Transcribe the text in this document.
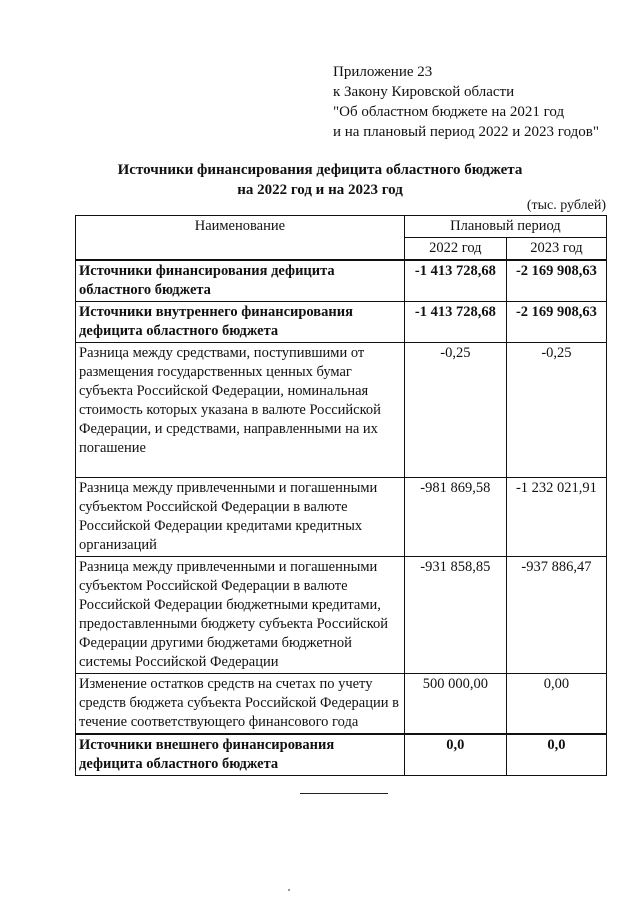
Приложение 23
к Закону Кировской области
"Об областном бюджете на 2021 год
и на плановый период 2022 и 2023 годов"
Источники финансирования дефицита областного бюджета
на 2022 год и на 2023 год
(тыс. рублей)
Наименование	Плановый период	
	2022 год	2023 год
Источники финансирования дефицита областного бюджета	-1 413 728,68	-2 169 908,63
Источники внутреннего финансирования дефицита областного бюджета	-1 413 728,68	-2 169 908,63
Разница между средствами, поступившими от размещения государственных ценных бумаг субъекта Российской Федерации, номинальная стоимость которых указана в валюте Российской Федерации, и средствами, направленными на их погашение	-0,25	-0,25
Разница между привлеченными и погашенными субъектом Российской Федерации в валюте Российской Федерации кредитами кредитных организаций	-981 869,58	-1 232 021,91
Разница между привлеченными и погашенными субъектом Российской Федерации в валюте Российской Федерации бюджетными кредитами, предоставленными бюджету субъекта Российской Федерации другими бюджетами бюджетной системы Российской Федерации	-931 858,85	-937 886,47
Изменение остатков средств на счетах по учету средств бюджета субъекта Российской Федерации в течение соответствующего финансового года	500 000,00	0,00
Источники внешнего финансирования дефицита областного бюджета	0,0	0,0
